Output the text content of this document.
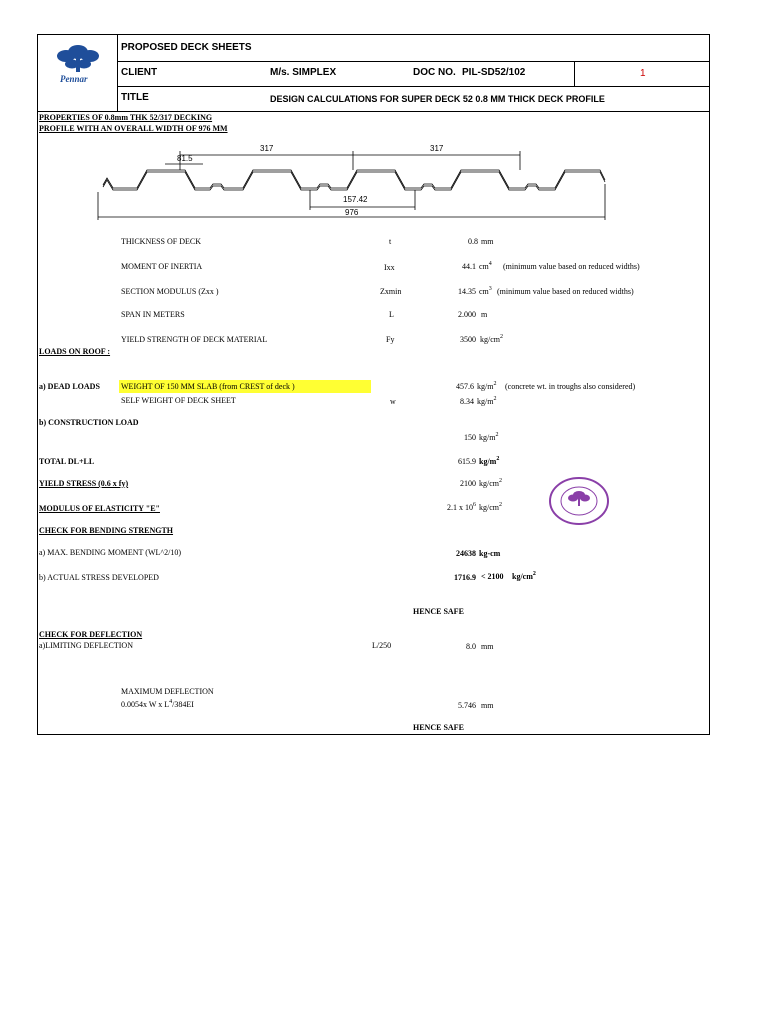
Pennar
PROPOSED DECK SHEETS
CLIENT	M/s. SIMPLEX	DOC NO. PIL-SD52/102	1
TITLE	DESIGN CALCULATIONS FOR SUPER DECK 52 0.8 MM THICK DECK PROFILE
PROPERTIES OF 0.8mm THK 52/317 DECKING
PROFILE WITH AN OVERALL WIDTH OF 976 MM
317	317
81.5
157.42
976
THICKNESS OF DECK	t	0.8 mm
MOMENT OF INERTIA	Ixx	44.1 $cm^4$ (minimum value based on reduced widths)
SECTION MODULUS (Zxx )	Zxmin	14.35 $cm^3$ (minimum value based on reduced widths)
SPAN IN METERS	L	2.000 m
YIELD STRENGTH OF DECK MATERIAL	Fy	3500 $kg/cm^2$
LOADS ON ROOF :
a) DEAD LOADS	WEIGHT OF 150 MM SLAB (from CREST of deck )	457.6 $kg/m^2$ (concrete wt. in troughs also considered)
SELF WEIGHT OF DECK SHEET	w	8.34 $kg/m^2$
b) CONSTRUCTION LOAD
150 $kg/m^2$
TOTAL DL+LL	615.9 $kg/m^2$
YIELD STRESS (0.6 x fy)	2100 $kg/cm^2$
MODULUS OF ELASTICITY "E"	2.1 x $10^6$ $kg/cm^2$
CHECK FOR BENDING STRENGTH
a) MAX. BENDING MOMENT (WL^2/10)	24638 kg-cm
b) ACTUAL STRESS DEVELOPED	1716.9 < 2100 $kg/cm^2$
HENCE SAFE
CHECK FOR DEFLECTION
a)LIMITING DEFLECTION	L/250	8.0 mm
MAXIMUM DEFLECTION
0.0054x W x $L^4/384EI$	5.746 mm
HENCE SAFE
